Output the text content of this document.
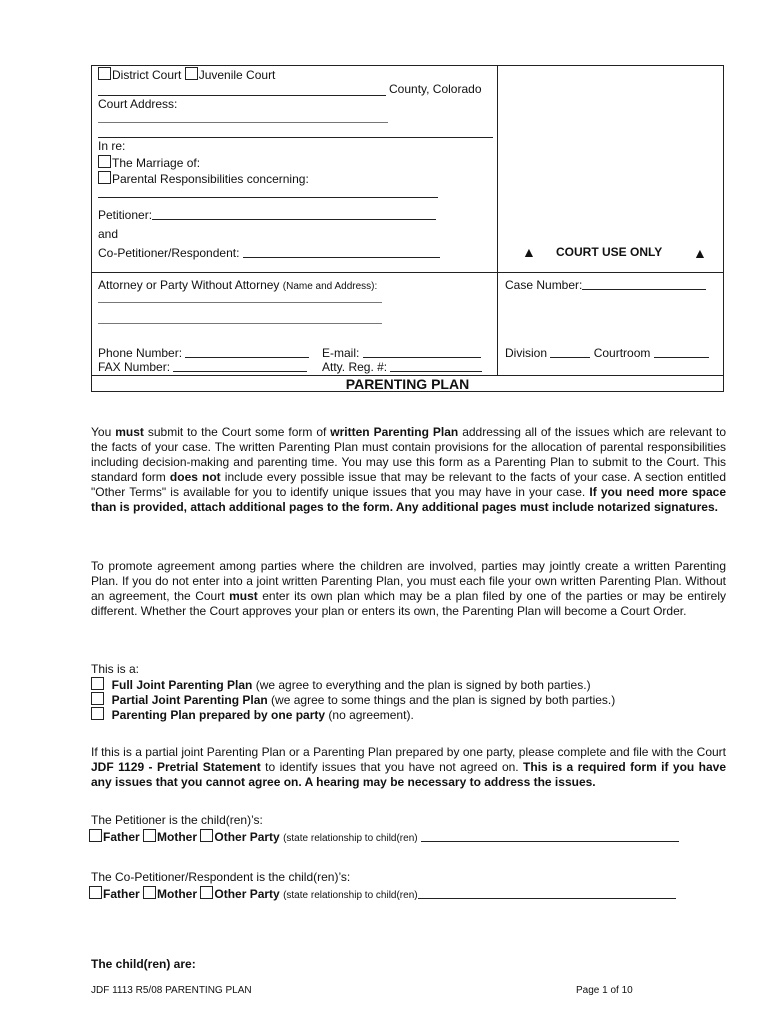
District Court Juvenile Court
County, Colorado
Court Address:
In re:
The Marriage of:
Parental Responsibilities concerning:
Petitioner:
and
Co-Petitioner/Respondent:	▲ COURT USE ONLY ▲
Attorney or Party Without Attorney (Name and Address):	Case Number:
Phone Number:	E-mail:
FAX Number:	Atty. Reg. #:
Division	Courtroom
PARENTING PLAN
You must submit to the Court some form of written Parenting Plan addressing all of the issues which are relevant to the facts of your case. The written Parenting Plan must contain provisions for the allocation of parental responsibilities including decision-making and parenting time. You may use this form as a Parenting Plan to submit to the Court. This standard form does not include every possible issue that may be relevant to the facts of your case. A section entitled "Other Terms" is available for you to identify unique issues that you may have in your case. If you need more space than is provided, attach additional pages to the form. Any additional pages must include notarized signatures.
To promote agreement among parties where the children are involved, parties may jointly create a written Parenting Plan. If you do not enter into a joint written Parenting Plan, you must each file your own written Parenting Plan. Without an agreement, the Court must enter its own plan which may be a plan filed by one of the parties or may be entirely different. Whether the Court approves your plan or enters its own, the Parenting Plan will become a Court Order.
This is a:
Full Joint Parenting Plan (we agree to everything and the plan is signed by both parties.)
Partial Joint Parenting Plan (we agree to some things and the plan is signed by both parties.)
Parenting Plan prepared by one party (no agreement).
If this is a partial joint Parenting Plan or a Parenting Plan prepared by one party, please complete and file with the Court JDF 1129 - Pretrial Statement to identify issues that you have not agreed on. This is a required form if you have any issues that you cannot agree on. A hearing may be necessary to address the issues.
The Petitioner is the child(ren)’s:
Father Mother Other Party (state relationship to child(ren)
The Co-Petitioner/Respondent is the child(ren)’s:
Father Mother Other Party (state relationship to child(ren)
The child(ren) are:
JDF 1113 R5/08 PARENTING PLAN	Page 1 of 10
